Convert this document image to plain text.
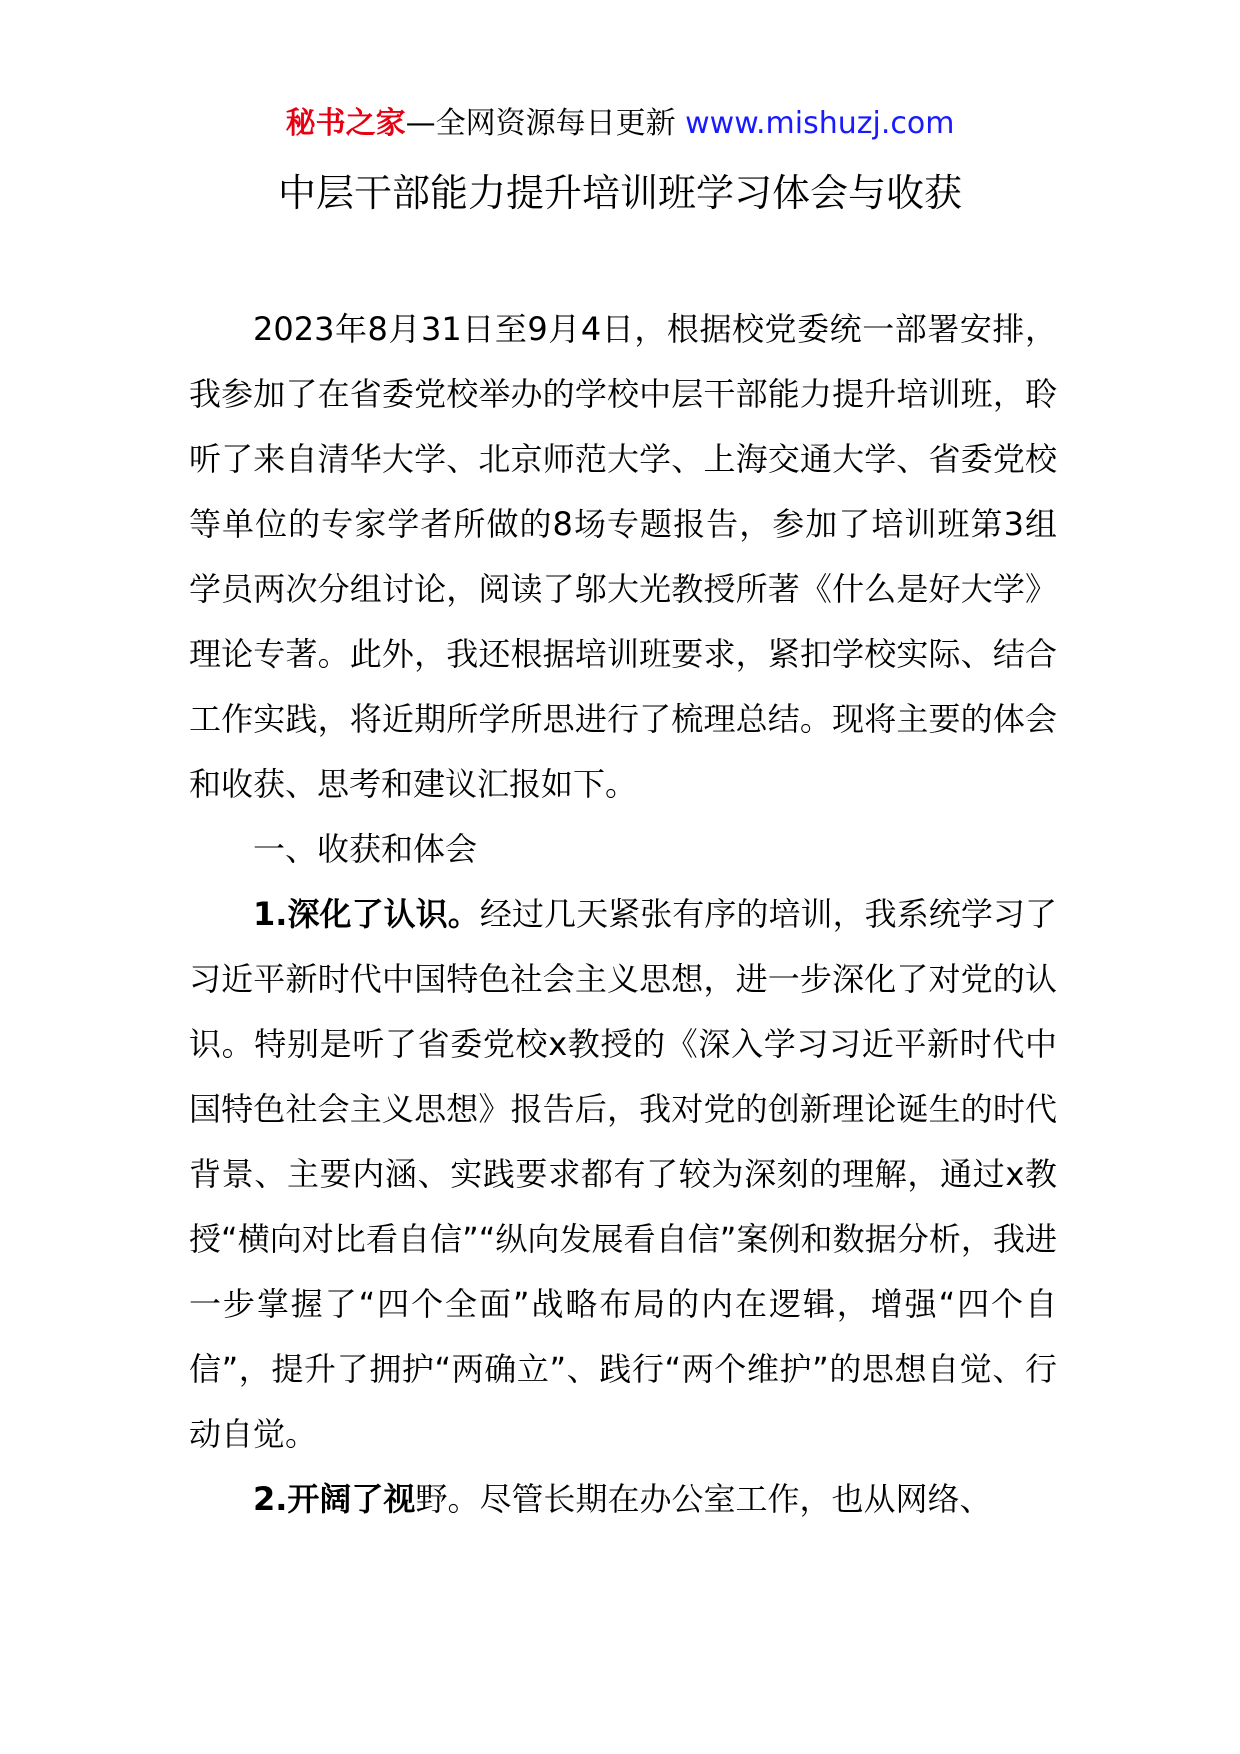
秘书之家—全网资源每日更新 www.mishuzj.com
中层干部能力提升培训班学习体会与收获

2023年8月31日至9月4日，根据校党委统一部署安排，我参加了在省委党校举办的学校中层干部能力提升培训班，聆听了来自清华大学、北京师范大学、上海交通大学、省委党校等单位的专家学者所做的8场专题报告，参加了培训班第3组学员两次分组讨论，阅读了邬大光教授所著《什么是好大学》理论专著。此外，我还根据培训班要求，紧扣学校实际、结合工作实践，将近期所学所思进行了梳理总结。现将主要的体会和收获、思考和建议汇报如下。

一、收获和体会

1.深化了认识。经过几天紧张有序的培训，我系统学习了习近平新时代中国特色社会主义思想，进一步深化了对党的认识。特别是听了省委党校x教授的《深入学习习近平新时代中国特色社会主义思想》报告后，我对党的创新理论诞生的时代背景、主要内涵、实践要求都有了较为深刻的理解，通过x教授“横向对比看自信”“纵向发展看自信”案例和数据分析，我进一步掌握了“四个全面”战略布局的内在逻辑，增强“四个自信”，提升了拥护“两确立”、践行“两个维护”的思想自觉、行动自觉。

2.开阔了视野。尽管长期在办公室工作，也从网络、
